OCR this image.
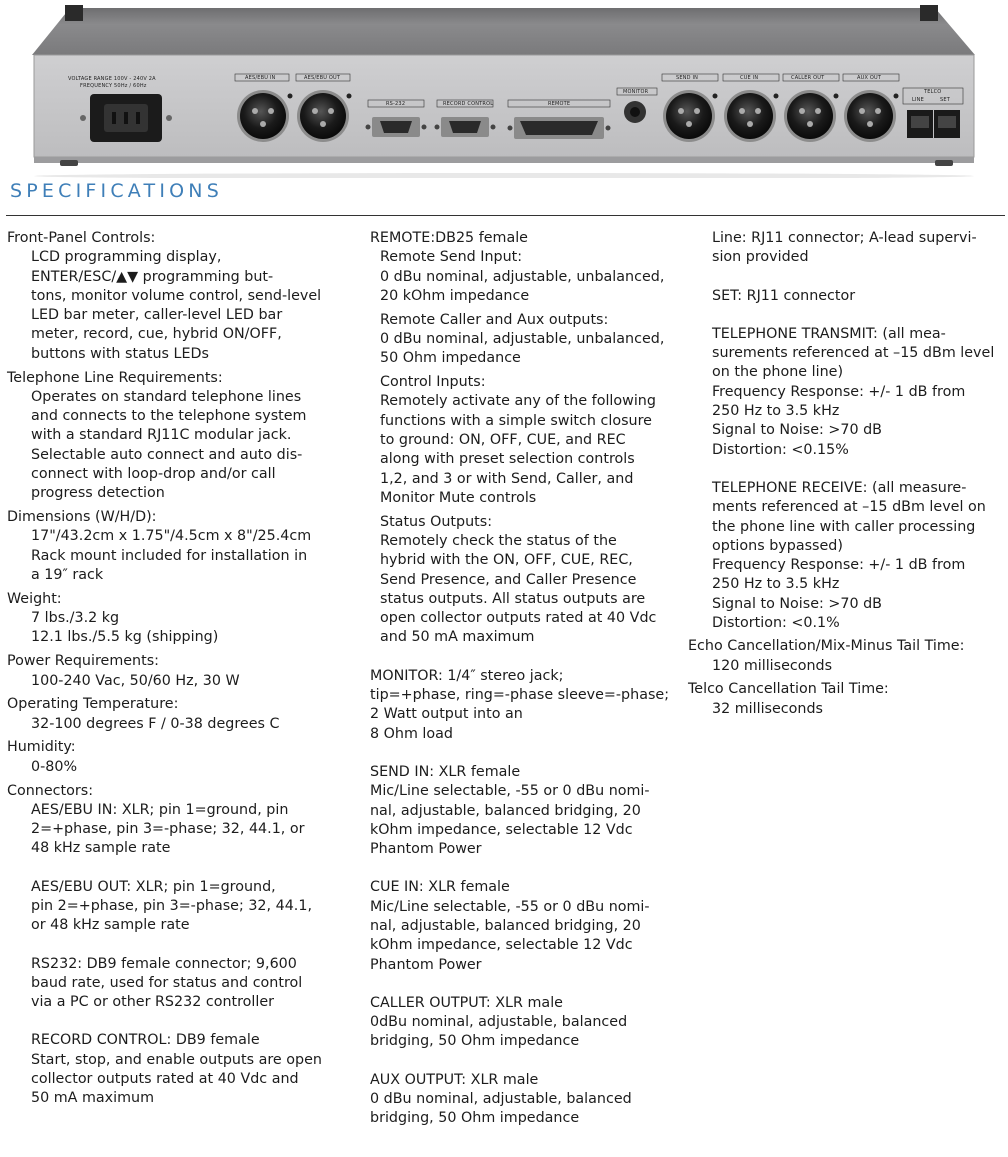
VOLTAGE RANGE 100V - 240V 2A
FREQUENCY 50Hz / 60Hz
AES/EBU IN	AES/EBU OUT
RS-232	RECORD CONTROL	REMOTE
MONITOR
SEND IN	CUE IN	CALLER OUT	AUX OUT
TELCO
LINE	SET
SPECIFICATIONS
Front-Panel Controls:
LCD programming display,
ENTER/ESC/▲▼ programming but-
tons, monitor volume control, send-level
LED bar meter, caller-level LED bar
meter, record, cue, hybrid ON/OFF,
buttons with status LEDs
Telephone Line Requirements:
Operates on standard telephone lines
and connects to the telephone system
with a standard RJ11C modular jack.
Selectable auto connect and auto dis-
connect with loop-drop and/or call
progress detection
Dimensions (W/H/D):
17"/43.2cm x 1.75"/4.5cm x 8"/25.4cm
Rack mount included for installation in
a 19″ rack
Weight:
7 lbs./3.2 kg
12.1 lbs./5.5 kg (shipping)
Power Requirements:
100-240 Vac, 50/60 Hz, 30 W
Operating Temperature:
32-100 degrees F / 0-38 degrees C
Humidity:
0-80%
Connectors:
AES/EBU IN: XLR; pin 1=ground, pin
2=+phase, pin 3=-phase; 32, 44.1, or
48 kHz sample rate
AES/EBU OUT: XLR; pin 1=ground,
pin 2=+phase, pin 3=-phase; 32, 44.1,
or 48 kHz sample rate
RS232: DB9 female connector; 9,600
baud rate, used for status and control
via a PC or other RS232 controller
RECORD CONTROL: DB9 female
Start, stop, and enable outputs are open
collector outputs rated at 40 Vdc and
50 mA maximum
REMOTE:DB25 female
Remote Send Input:
0 dBu nominal, adjustable, unbalanced,
20 kOhm impedance
Remote Caller and Aux outputs:
0 dBu nominal, adjustable, unbalanced,
50 Ohm impedance
Control Inputs:
Remotely activate any of the following
functions with a simple switch closure
to ground: ON, OFF, CUE, and REC
along with preset selection controls
1,2, and 3 or with Send, Caller, and
Monitor Mute controls
Status Outputs:
Remotely check the status of the
hybrid with the ON, OFF, CUE, REC,
Send Presence, and Caller Presence
status outputs. All status outputs are
open collector outputs rated at 40 Vdc
and 50 mA maximum
MONITOR: 1/4″ stereo jack;
tip=+phase, ring=-phase sleeve=-phase;
2 Watt output into an
8 Ohm load
SEND IN: XLR female
Mic/Line selectable, -55 or 0 dBu nomi-
nal, adjustable, balanced bridging, 20
kOhm impedance, selectable 12 Vdc
Phantom Power
CUE IN: XLR female
Mic/Line selectable, -55 or 0 dBu nomi-
nal, adjustable, balanced bridging, 20
kOhm impedance, selectable 12 Vdc
Phantom Power
CALLER OUTPUT: XLR male
0dBu nominal, adjustable, balanced
bridging, 50 Ohm impedance
AUX OUTPUT: XLR male
0 dBu nominal, adjustable, balanced
bridging, 50 Ohm impedance
Line: RJ11 connector; A-lead supervi-
sion provided
SET: RJ11 connector
TELEPHONE TRANSMIT: (all mea-
surements referenced at –15 dBm level
on the phone line)
Frequency Response: +/- 1 dB from
250 Hz to 3.5 kHz
Signal to Noise: >70 dB
Distortion: <0.15%
TELEPHONE RECEIVE: (all measure-
ments referenced at –15 dBm level on
the phone line with caller processing
options bypassed)
Frequency Response: +/- 1 dB from
250 Hz to 3.5 kHz
Signal to Noise: >70 dB
Distortion: <0.1%
Echo Cancellation/Mix-Minus Tail Time:
120 milliseconds
Telco Cancellation Tail Time:
32 milliseconds
